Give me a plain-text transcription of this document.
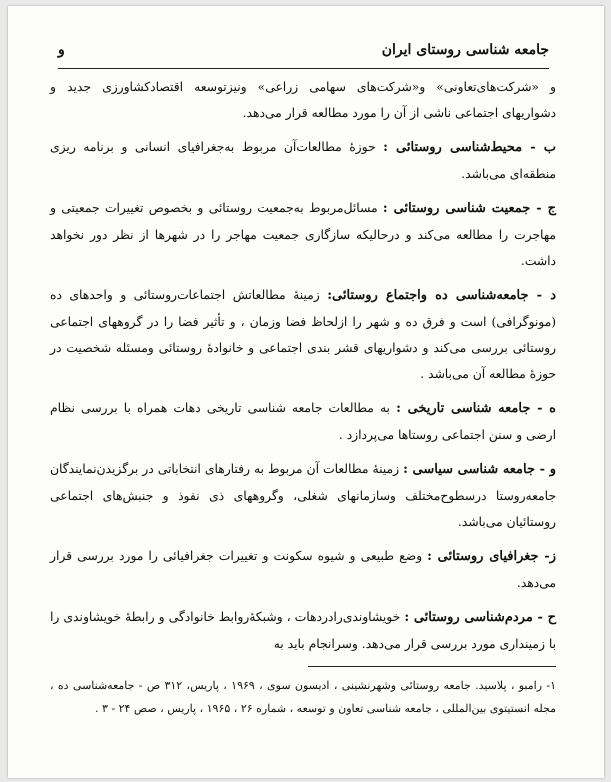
جامعه شناسی روستای ایران
و

و «شرکت‌های‌تعاونی» و«شرکت‌های سهامی زراعی» ونیزتوسعه اقتصادکشاورزی جدید و دشواریهای اجتماعی ناشی از آن را مورد مطالعه قرار می‌دهد.

ب - محیط‌شناسی روستائی : حوزهٔ مطالعات‌آن مربوط به‌جغرافیای انسانی و برنامه ریزی منطقه‌ای می‌باشد.

ج - جمعیت شناسی روستائی : مسائل‌مربوط به‌جمعیت روستائی و بخصوص تغییرات جمعیتی و مهاجرت را مطالعه می‌کند و درحالیکه سازگاری جمعیت مهاجر را در شهرها از نظر دور نخواهد داشت.

د - جامعه‌شناسی ده واجتماع روستائی: زمینهٔ مطالعاتش اجتماعات‌روستائی و واحدهای ده (مونوگرافی) است و فرق ده و شهر را ازلحاظ فضا وزمان ، و تأثیر فضا را در گروههای اجتماعی روستائی بررسی می‌کند و دشواریهای قشر بندی اجتماعی و خانوادهٔ روستائی ومسئله شخصیت در حوزهٔ مطالعه آن می‌باشد .

ه - جامعه شناسی تاریخی : به مطالعات جامعه شناسی تاریخی دهات همراه با بررسی نظام ارضی و سنن اجتماعی روستاها می‌پردازد .

و - جامعه شناسی سیاسی : زمینهٔ مطالعات آن مربوط به رفتارهای انتخاباتی در برگزیدن‌نمایندگان جامعه‌روستا درسطوح‌مختلف وسازمانهای شغلی، وگروههای ذی نفوذ و جنبش‌های اجتماعی روستائیان می‌باشد.

ز- جغرافیای روستائی : وضع طبیعی و شیوه سکونت و تغییرات جغرافیائی را مورد بررسی قرار می‌دهد.

ح - مردم‌شناسی روستائی : خویشاوندی‌رادردهات ، وشبکهٔ‌روابط خانوادگی و رابطهٔ خویشاوندی را با زمینداری مورد بررسی قرار می‌دهد. وسرانجام باید به

۱- رامبو ، پلاسید. جامعه روستائی وشهرنشینی ، ادیسون سوی ، ۱۹۶۹ ، پاریس، ۳۱۲ ص - جامعه‌شناسی ده ، مجله انستیتوی بین‌المللی ، جامعه شناسی تعاون و توسعه ، شماره ۲۶ ، ۱۹۶۵ ، پاریس ، صص ۲۴ - ۳ .
